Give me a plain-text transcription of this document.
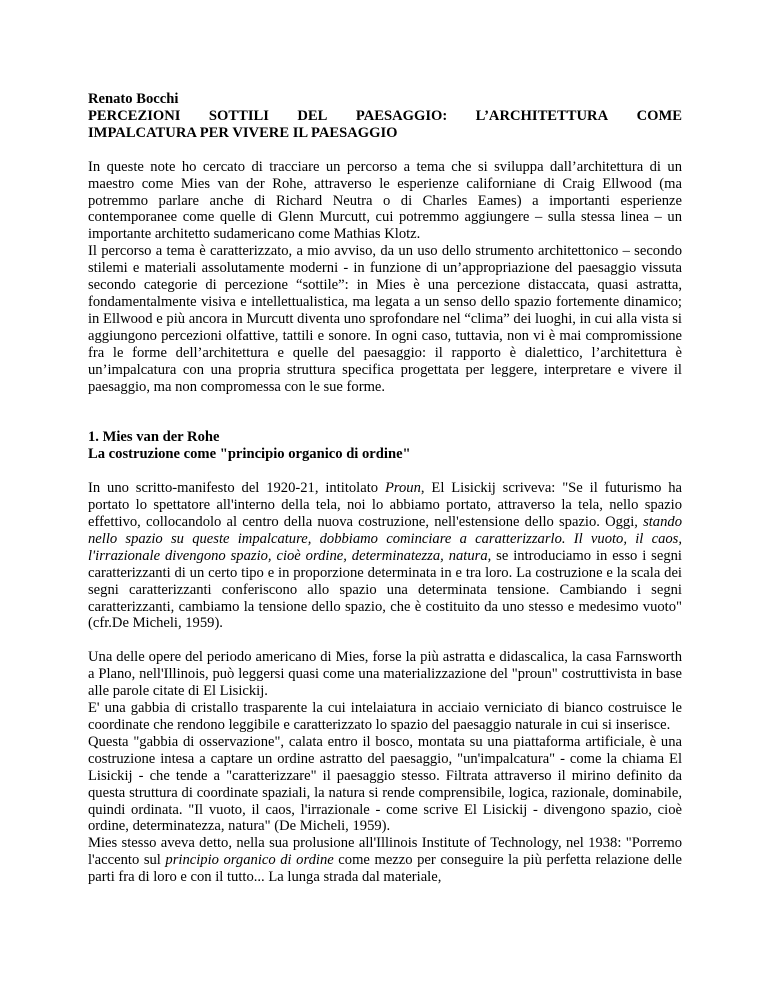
Renato Bocchi

PERCEZIONI SOTTILI DEL PAESAGGIO: L’ARCHITETTURA COME

IMPALCATURA PER VIVERE IL PAESAGGIO

In queste note ho cercato di tracciare un percorso a tema che si sviluppa dall’architettura di un maestro come Mies van der Rohe, attraverso le esperienze californiane di Craig Ellwood (ma potremmo parlare anche di Richard Neutra o di Charles Eames) a importanti esperienze contemporanee come quelle di Glenn Murcutt, cui potremmo aggiungere – sulla stessa linea – un importante architetto sudamericano come Mathias Klotz.

Il percorso a tema è caratterizzato, a mio avviso, da un uso dello strumento architettonico – secondo stilemi e materiali assolutamente moderni - in funzione di un’appropriazione del paesaggio vissuta secondo categorie di percezione “sottile”: in Mies è una percezione distaccata, quasi astratta, fondamentalmente visiva e intellettualistica, ma legata a un senso dello spazio fortemente dinamico; in Ellwood e più ancora in Murcutt diventa uno sprofondare nel “clima” dei luoghi, in cui alla vista si aggiungono percezioni olfattive, tattili e sonore. In ogni caso, tuttavia, non vi è mai compromissione fra le forme dell’architettura e quelle del paesaggio: il rapporto è dialettico, l’architettura è un’impalcatura con una propria struttura specifica progettata per leggere, interpretare e vivere il paesaggio, ma non compromessa con le sue forme.

1. Mies van der Rohe

La costruzione come "principio organico di ordine"

In uno scritto-manifesto del 1920-21, intitolato Proun, El Lisickij scriveva: "Se il futurismo ha portato lo spettatore all'interno della tela, noi lo abbiamo portato, attraverso la tela, nello spazio effettivo, collocandolo al centro della nuova costruzione, nell'estensione dello spazio. Oggi, stando nello spazio su queste impalcature, dobbiamo cominciare a caratterizzarlo. Il vuoto, il caos, l'irrazionale divengono spazio, cioè ordine, determinatezza, natura, se introduciamo in esso i segni caratterizzanti di un certo tipo e in proporzione determinata in e tra loro. La costruzione e la scala dei segni caratterizzanti conferiscono allo spazio una determinata tensione. Cambiando i segni caratterizzanti, cambiamo la tensione dello spazio, che è costituito da uno stesso e medesimo vuoto" (cfr.De Micheli, 1959).

Una delle opere del periodo americano di Mies, forse la più astratta e didascalica, la casa Farnsworth a Plano, nell'Illinois, può leggersi quasi come una materializzazione del "proun" costruttivista in base alle parole citate di El Lisickij.

E' una gabbia di cristallo trasparente la cui intelaiatura in acciaio verniciato di bianco costruisce le coordinate che rendono leggibile e caratterizzato lo spazio del paesaggio naturale in cui si inserisce.

Questa "gabbia di osservazione", calata entro il bosco, montata su una piattaforma artificiale, è una costruzione intesa a captare un ordine astratto del paesaggio, "un'impalcatura" - come la chiama El Lisickij - che tende a "caratterizzare" il paesaggio stesso. Filtrata attraverso il mirino definito da questa struttura di coordinate spaziali, la natura si rende comprensibile, logica, razionale, dominabile, quindi ordinata. "Il vuoto, il caos, l'irrazionale - come scrive El Lisickij - divengono spazio, cioè ordine, determinatezza, natura" (De Micheli, 1959).

Mies stesso aveva detto, nella sua prolusione all'Illinois Institute of Technology, nel 1938: "Porremo l'accento sul principio organico di ordine come mezzo per conseguire la più perfetta relazione delle parti fra di loro e con il tutto... La lunga strada dal materiale,
